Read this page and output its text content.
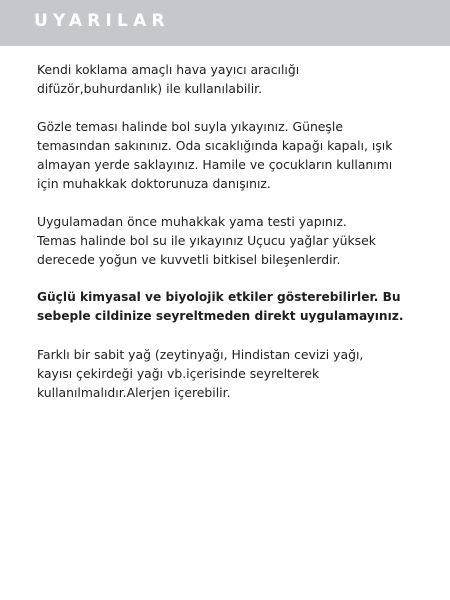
UYARILAR

Kendi koklama amaçlı hava yayıcı aracılığı
difüzör,buhurdanlık) ile kullanılabilir.

Gözle teması halinde bol suyla yıkayınız. Güneşle
temasından sakınınız. Oda sıcaklığında kapağı kapalı, ışık
almayan yerde saklayınız. Hamile ve çocukların kullanımı
için muhakkak doktorunuza danışınız.

Uygulamadan önce muhakkak yama testi yapınız.
Temas halinde bol su ile yıkayınız Uçucu yağlar yüksek
derecede yoğun ve kuvvetli bitkisel bileşenlerdir.

Güçlü kimyasal ve biyolojik etkiler gösterebilirler. Bu
sebeple cildinize seyreltmeden direkt uygulamayınız.

Farklı bir sabit yağ (zeytinyağı, Hindistan cevizi yağı,
kayısı çekirdeği yağı vb.içerisinde seyrelterek
kullanılmalıdır.Alerjen içerebilir.
